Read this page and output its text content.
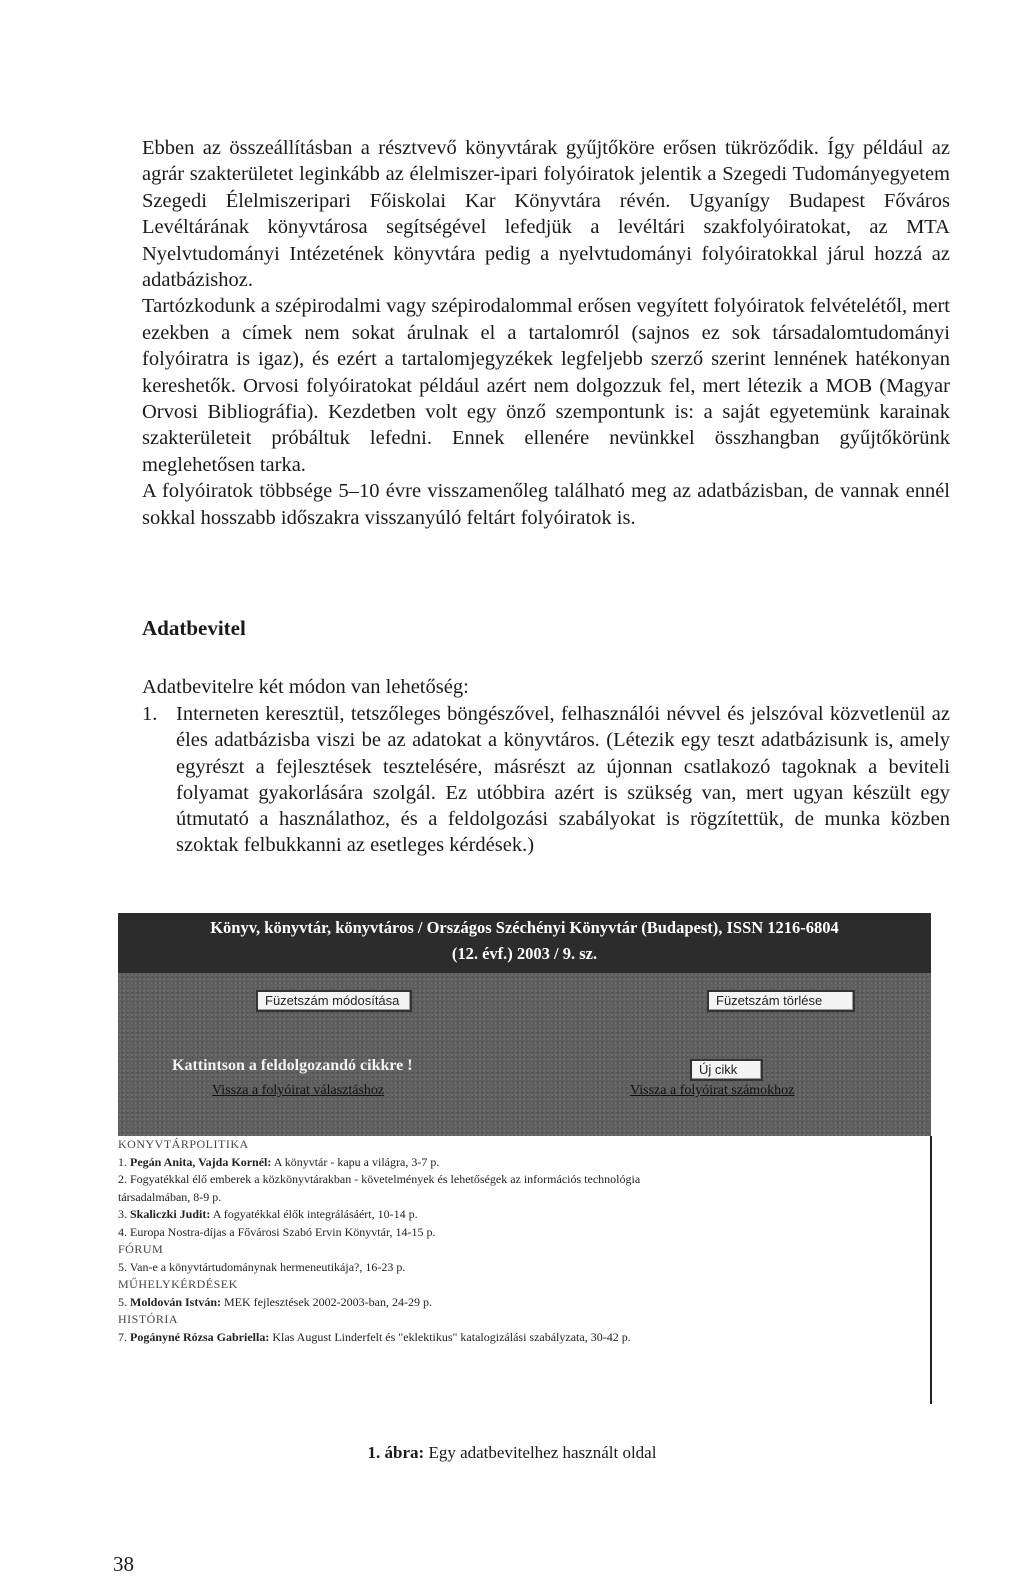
Ebben az összeállításban a résztvevő könyvtárak gyűjtőköre erősen tükröződik. Így például az agrár szakterületet leginkább az élelmiszer-ipari folyóiratok jelentik a Szegedi Tudományegyetem Szegedi Élelmiszeripari Főiskolai Kar Könyvtára révén. Ugyanígy Budapest Főváros Levéltárának könyvtárosa segítségével lefedjük a levéltári szakfolyóiratokat, az MTA Nyelvtudományi Intézetének könyvtára pedig a nyelvtudományi folyóiratokkal járul hozzá az adatbázishoz.

Tartózkodunk a szépirodalmi vagy szépirodalommal erősen vegyített folyóiratok felvételétől, mert ezekben a címek nem sokat árulnak el a tartalomról (sajnos ez sok társadalomtudományi folyóiratra is igaz), és ezért a tartalomjegyzékek legfeljebb szerző szerint lennének hatékonyan kereshetők. Orvosi folyóiratokat például azért nem dolgozzuk fel, mert létezik a MOB (Magyar Orvosi Bibliográfia). Kezdetben volt egy önző szempontunk is: a saját egyetemünk karainak szakterületeit próbáltuk lefedni. Ennek ellenére nevünkkel összhangban gyűjtőkörünk meglehetősen tarka.

A folyóiratok többsége 5–10 évre visszamenőleg található meg az adatbázisban, de vannak ennél sokkal hosszabb időszakra visszanyúló feltárt folyóiratok is.

Adatbevitel
Adatbevitelre két módon van lehetőség:
1. Interneten keresztül, tetszőleges böngészővel, felhasználói névvel és jelszóval közvetlenül az éles adatbázisba viszi be az adatokat a könyvtáros. (Létezik egy teszt adatbázisunk is, amely egyrészt a fejlesztések tesztelésére, másrészt az újonnan csatlakozó tagoknak a beviteli folyamat gyakorlására szolgál. Ez utóbbira azért is szükség van, mert ugyan készült egy útmutató a használathoz, és a feldolgozási szabályokat is rögzítettük, de munka közben szoktak felbukkanni az esetleges kérdések.)
Könyv, könyvtár, könyvtáros / Országos Széchényi Könyvtár (Budapest), ISSN 1216-6804
(12. évf.) 2003 / 9. sz.
Füzetszám módosítása	Füzetszám törlése
Kattintson a feldolgozandó cikkre !	Új cikk
Vissza a folyóirat választáshoz	Vissza a folyóirat számokhoz
KONYVTÁRPOLITIKA
1. Pegán Anita, Vajda Kornél: A könyvtár - kapu a világra, 3-7 p.
2. Fogyatékkal élő emberek a közkönyvtárakban - követelmények és lehetőségek az információs technológia
társadalmában, 8-9 p.
3. Skaliczki Judit: A fogyatékkal élők integrálásáért, 10-14 p.
4. Europa Nostra-díjas a Fővárosi Szabó Ervin Könyvtár, 14-15 p.
FÓRUM
5. Van-e a könyvtártudománynak hermeneutikája?, 16-23 p.
MŰHELYKÉRDÉSEK
5. Moldován István: MEK fejlesztések 2002-2003-ban, 24-29 p.
HISTÓRIA
7. Pogányné Rózsa Gabriella: Klas August Linderfelt és "eklektikus" katalogizálási szabályzata, 30-42 p.
1. ábra: Egy adatbevitelhez használt oldal
38
